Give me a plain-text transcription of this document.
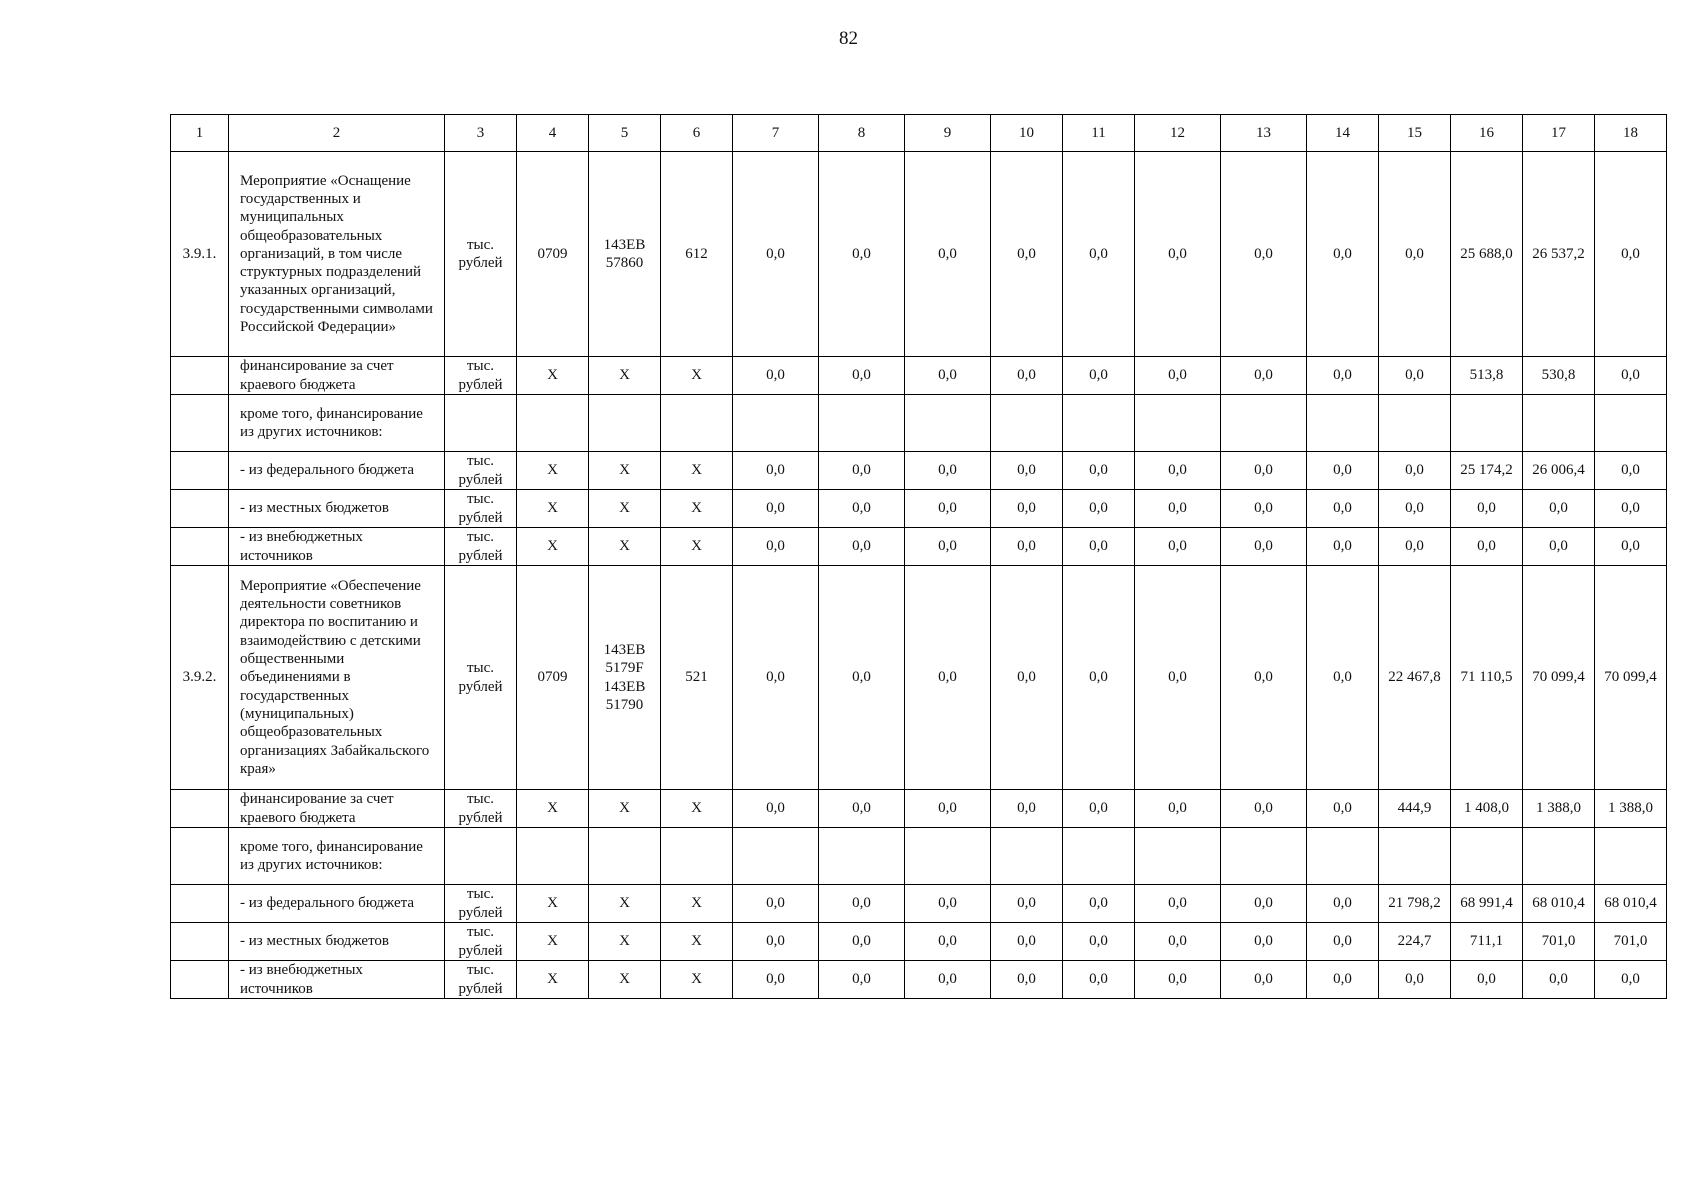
82
1	2	3	4	5	6	7	8	9	10	11	12	13	14	15	16	17	18
3.9.1.	Мероприятие «Оснащение государственных и муниципальных общеобразовательных организаций, в том числе структурных подразделений указанных организаций, государственными символами Российской Федерации»	тыс. рублей	0709	143EВ 57860	612	0,0	0,0	0,0	0,0	0,0	0,0	0,0	0,0	0,0	25 688,0	26 537,2	0,0
	финансирование за счет краевого бюджета	тыс. рублей	Х	Х	Х	0,0	0,0	0,0	0,0	0,0	0,0	0,0	0,0	0,0	513,8	530,8	0,0
	кроме того, финансирование из других источников:																
	- из федерального бюджета	тыс. рублей	Х	Х	Х	0,0	0,0	0,0	0,0	0,0	0,0	0,0	0,0	0,0	25 174,2	26 006,4	0,0
	- из местных бюджетов	тыс. рублей	Х	Х	Х	0,0	0,0	0,0	0,0	0,0	0,0	0,0	0,0	0,0	0,0	0,0	0,0
	- из внебюджетных источников	тыс. рублей	Х	Х	Х	0,0	0,0	0,0	0,0	0,0	0,0	0,0	0,0	0,0	0,0	0,0	0,0
3.9.2.	Мероприятие «Обеспечение деятельности советников директора по воспитанию и взаимодействию с детскими общественными объединениями в государственных (муниципальных) общеобразовательных организациях Забайкальского края»	тыс. рублей	0709	143EВ 5179F 143EВ 51790	521	0,0	0,0	0,0	0,0	0,0	0,0	0,0	0,0	22 467,8	71 110,5	70 099,4	70 099,4
	финансирование за счет краевого бюджета	тыс. рублей	Х	Х	Х	0,0	0,0	0,0	0,0	0,0	0,0	0,0	0,0	444,9	1 408,0	1 388,0	1 388,0
	кроме того, финансирование из других источников:																
	- из федерального бюджета	тыс. рублей	Х	Х	Х	0,0	0,0	0,0	0,0	0,0	0,0	0,0	0,0	21 798,2	68 991,4	68 010,4	68 010,4
	- из местных бюджетов	тыс. рублей	Х	Х	Х	0,0	0,0	0,0	0,0	0,0	0,0	0,0	0,0	224,7	711,1	701,0	701,0
	- из внебюджетных источников	тыс. рублей	Х	Х	Х	0,0	0,0	0,0	0,0	0,0	0,0	0,0	0,0	0,0	0,0	0,0	0,0
